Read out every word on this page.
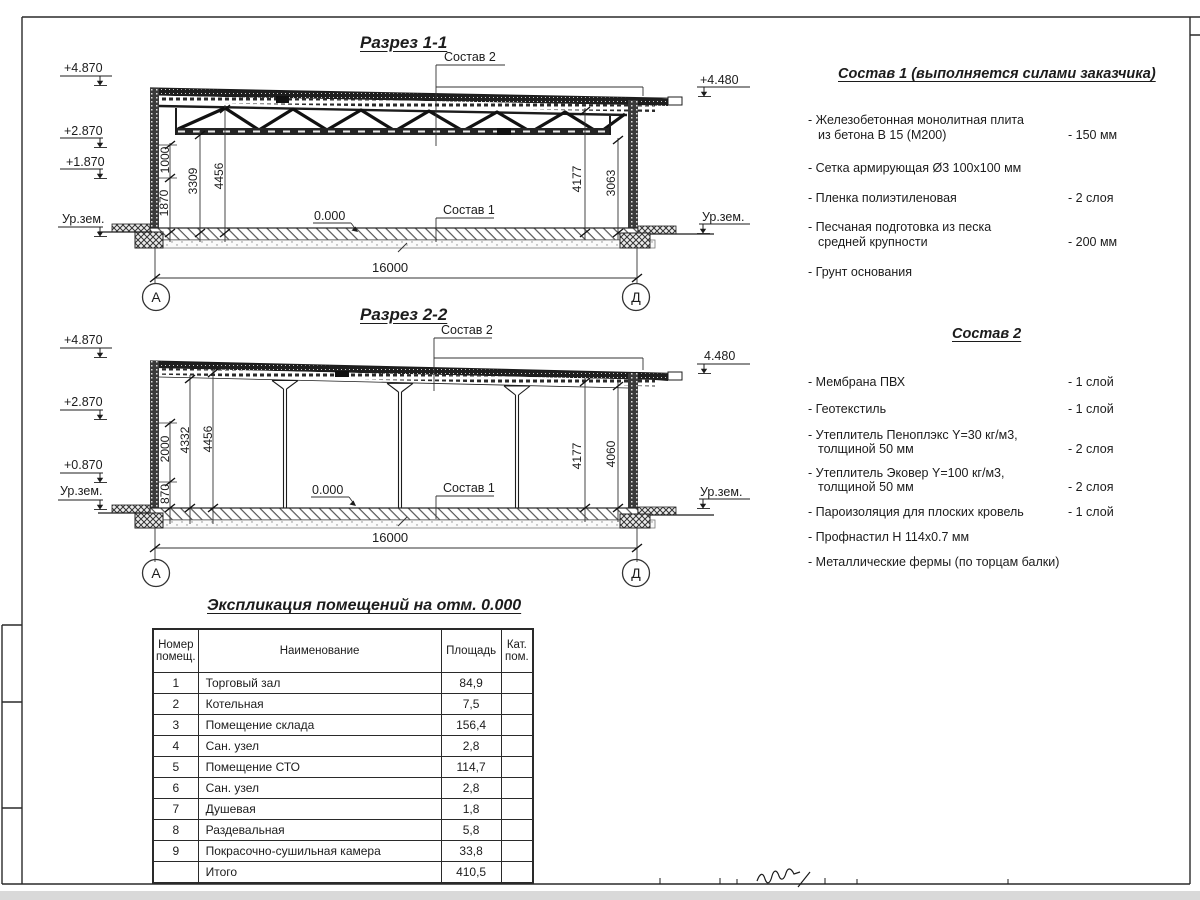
Разрез 1-1
+4.870
+2.870
+1.870
Ур.зем.
+4.480
Ур.зем.
1000
1870
3309 4456	4177 3063
0.000
Состав 2
Состав 1
16000
А	Д
Разрез 2-2
+4.870
+2.870
+0.870
Ур.зем.
4.480
Ур.зем.
2000
870
4332 4456
4177 4060
0.000
Состав 2
Состав 1
16000
А	Д
Состав 1 (выполняется силами заказчика)
- Железобетонная монолитная плита
из бетона В 15 (М200)	- 150 мм
- Сетка армирующая Ø3 100х100 мм
- Пленка полиэтиленовая	- 2 слоя
- Песчаная подготовка из песка
средней крупности	- 200 мм
- Грунт основания
Состав 2
- Мембрана ПВХ	- 1 слой
- Геотекстиль	- 1 слой
- Утеплитель Пеноплэкс Y=30 кг/м3,
толщиной 50 мм	- 2 слоя
- Утеплитель Эковер Y=100 кг/м3,
толщиной 50 мм	- 2 слоя
- Пароизоляция для плоских кровель	- 1 слой
- Профнастил Н 114х0.7 мм
- Металлические фермы (по торцам балки)
Экспликация помещений на отм. 0.000
Номер
помещ.	Наименование	Площадь	Кат.
пом.
1	Торговый зал	84,9	
2	Котельная	7,5	
3	Помещение склада	156,4	
4	Сан. узел	2,8	
5	Помещение СТО	114,7	
6	Сан. узел	2,8	
7	Душевая	1,8	
8	Раздевальная	5,8	
9	Покрасочно-сушильная камера	33,8	
	Итого	410,5	
